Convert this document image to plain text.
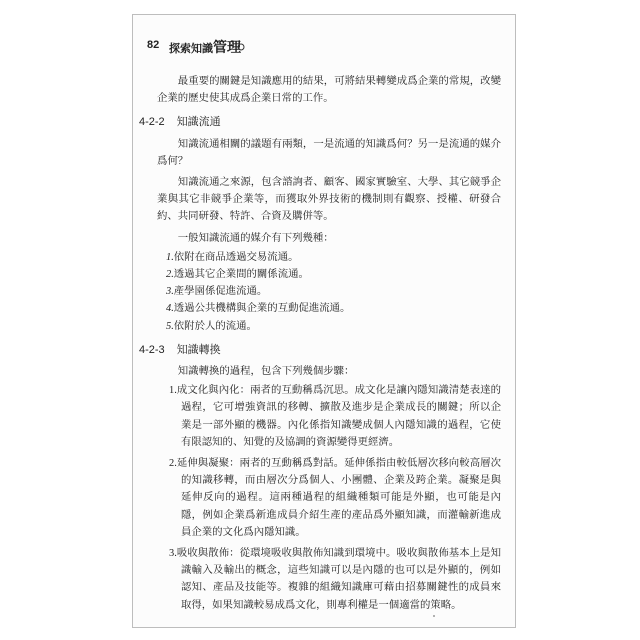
82 探索知識管理

最重要的關鍵是知識應用的結果，可將結果轉變成爲企業的常規，改變企業的歷史使其成爲企業日常的工作。

4-2-2 知識流通

知識流通相關的議題有兩類，一是流通的知識爲何？另一是流通的媒介爲何？

知識流通之來源，包含諮詢者、顧客、國家實驗室、大學、其它競爭企業與其它非競爭企業等，而獲取外界技術的機制則有觀察、授權、研發合約、共同研發、特許、合資及購併等。

一般知識流通的媒介有下列幾種：

1.依附在商品透過交易流通。
2.透過其它企業間的關係流通。
3.產學園係促進流通。
4.透過公共機構與企業的互動促進流通。
5.依附於人的流通。
4-2-3 知識轉換

知識轉換的過程，包含下列幾個步驟：

1.成文化與內化：兩者的互動稱爲沉思。成文化是讓內隱知識清楚表達的過程，它可增強資訊的移轉、擴散及進步是企業成長的關鍵；所以企業是一部外顯的機器。內化係指知識變成個人內隱知識的過程，它使有限認知的、知覺的及協調的資源變得更經濟。
2.延伸與凝聚：兩者的互動稱爲對話。延伸係指由較低層次移向較高層次的知識移轉，而由層次分爲個人、小團體、企業及跨企業。凝聚是與延伸反向的過程。這兩種過程的組織種類可能是外顯，也可能是內隱，例如企業爲新進成員介紹生產的產品爲外顯知識，而灌輸新進成員企業的文化爲內隱知識。
3.吸收與散佈：從環境吸收與散佈知識到環境中。吸收與散佈基本上是知識輸入及輸出的概念，這些知識可以是內隱的也可以是外顯的，例如認知、產品及技能等。複雜的組織知識庫可藉由招募關鍵性的成員來取得，如果知識較易成爲文化，則專利權是一個適當的策略。
